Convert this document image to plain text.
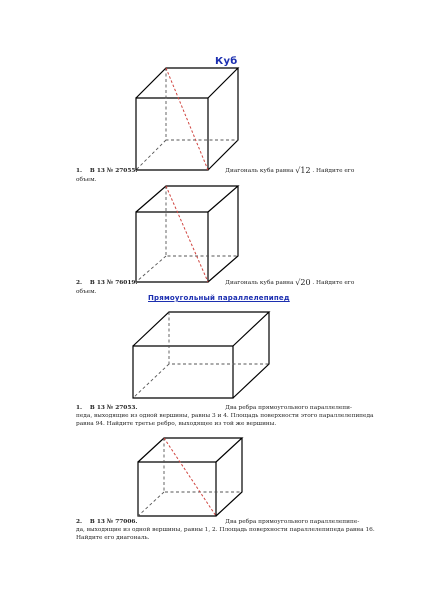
Куб
1. B 13 № 27055.	Диагональ куба равна √12 . Найдите его
объем.
2. B 13 № 76019.	Диагональ куба равна √20 . Найдите его
объем.
Прямоугольный параллелепипед
1. B 13 № 27053.	Два ребра прямоугольного параллелепи-
педа, выходящие из одной вершины, равны 3 и 4. Площадь поверхности этого параллелепипеда
равна 94. Найдите третье ребро, выходящее из той же вершины.
2. B 13 № 77006.	Два ребра прямоугольного параллелепипе-
да, выходящие из одной вершины, равны 1, 2. Площадь поверхности параллелепипеда равна 16.
Найдите его диагональ.
